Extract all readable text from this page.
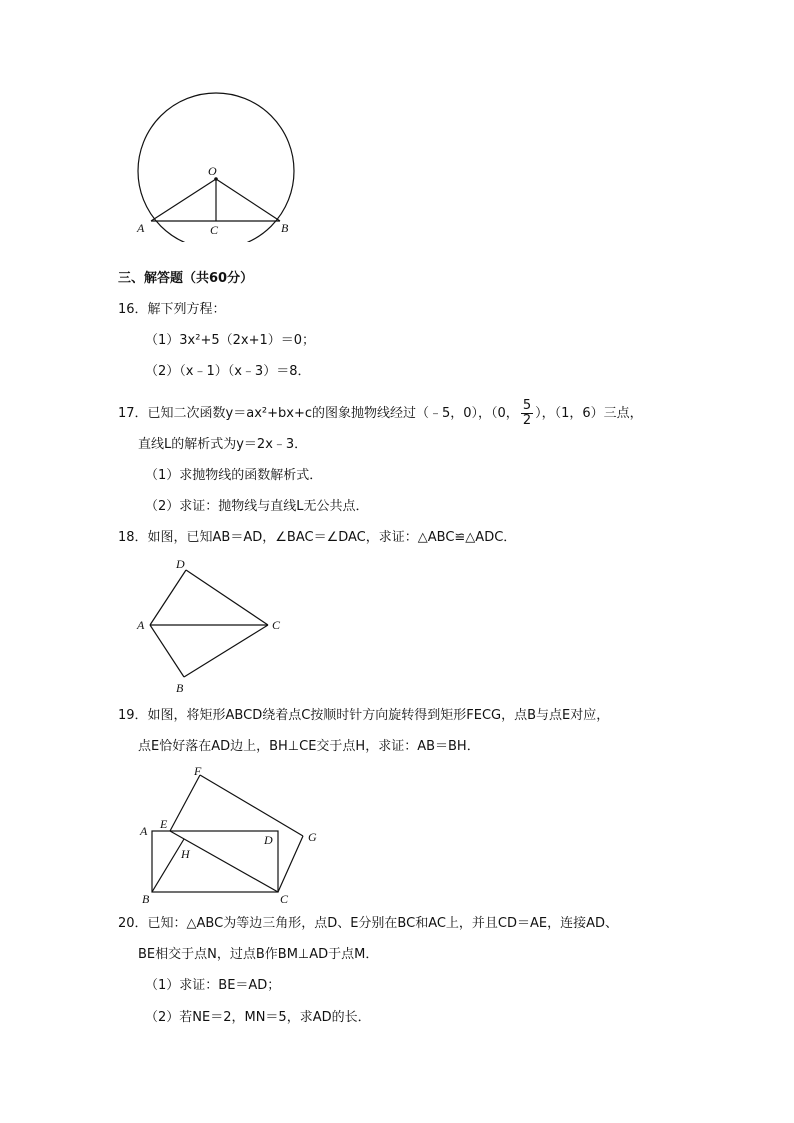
O
A	C	B
三、解答题（共60分）
16．解下列方程：
（1）3x²+5（2x+1）＝0；
（2）（x﹣1）（x﹣3）＝8．
17．已知二次函数y＝ax²+bx+c的图象抛物线经过（﹣5，0），（0， $\frac{5}{2}$ ），（1，6）三点，
直线L的解析式为y＝2x﹣3．
（1）求抛物线的函数解析式．
（2）求证：抛物线与直线L无公共点．
18．如图，已知AB＝AD，∠BAC＝∠DAC，求证：△ABC≌△ADC．
D
A	C
B
19．如图，将矩形ABCD绕着点C按顺时针方向旋转得到矩形FECG，点B与点E对应，
点E恰好落在AD边上，BH⊥CE交于点H，求证：AB＝BH．
F
A E
D	G
H
B	C
20．已知：△ABC为等边三角形，点D、E分别在BC和AC上，并且CD＝AE，连接AD、
BE相交于点N，过点B作BM⊥AD于点M．
（1）求证：BE＝AD；
（2）若NE＝2，MN＝5，求AD的长．
